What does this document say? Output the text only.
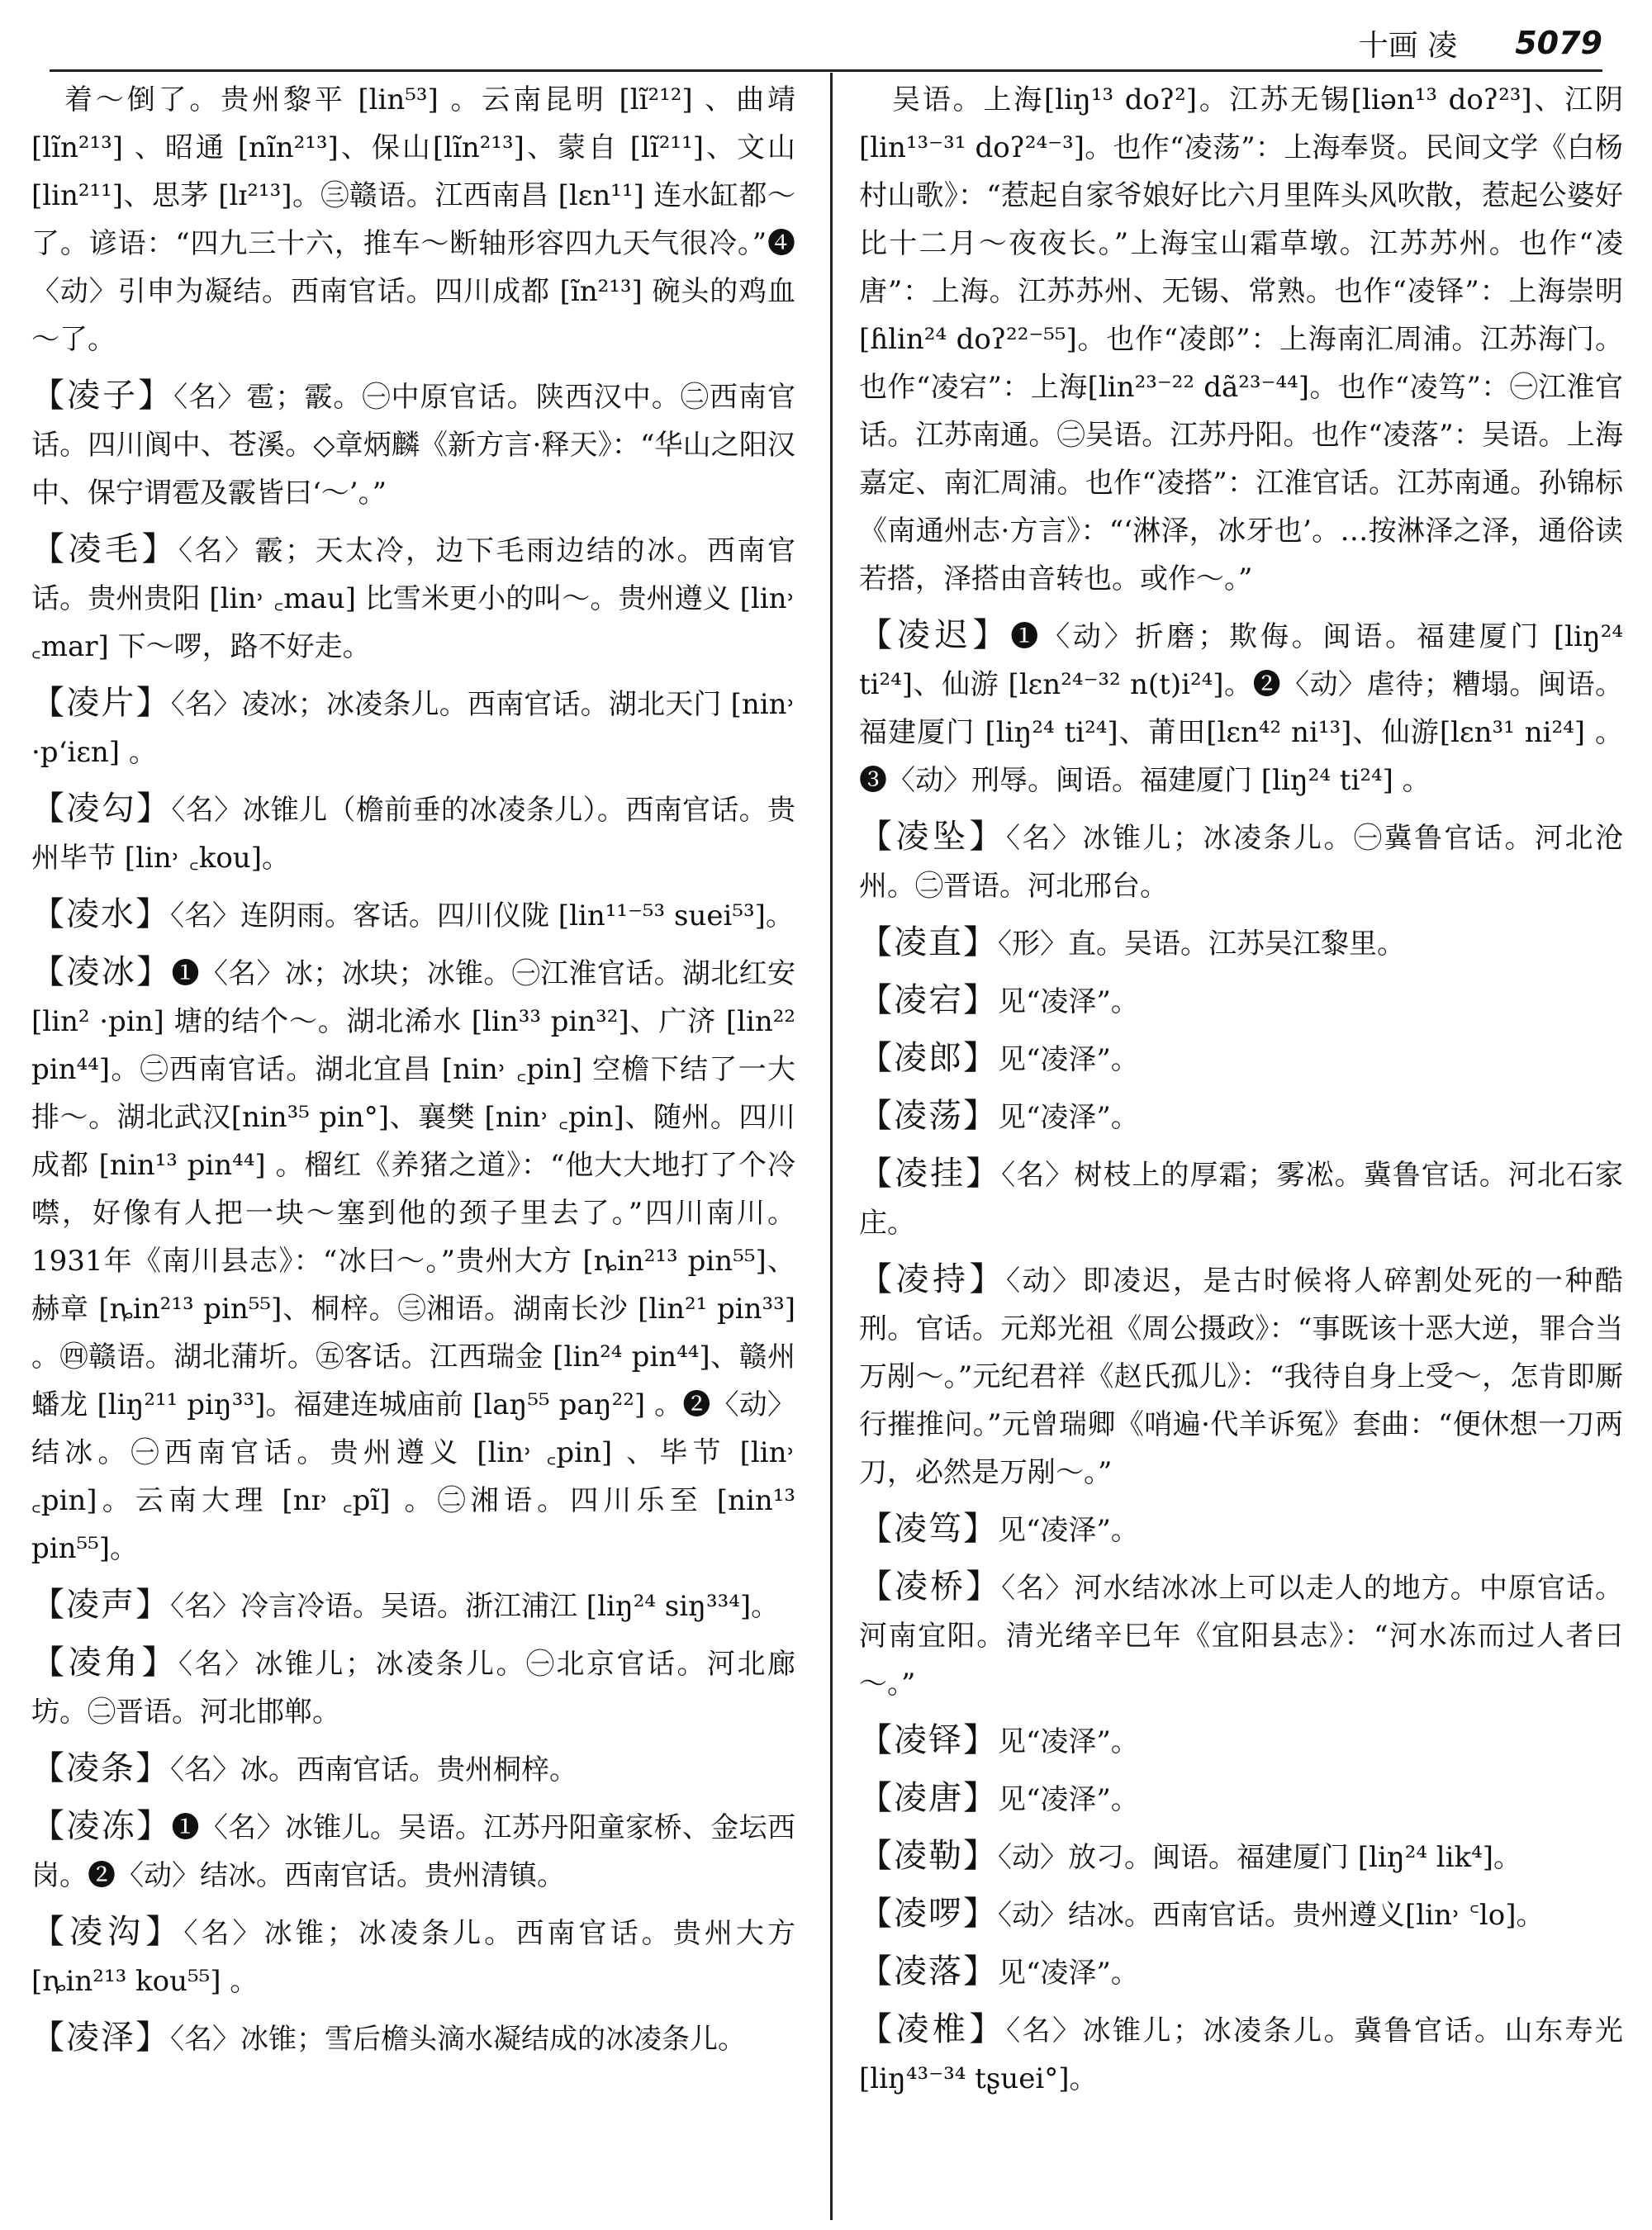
十画 凌 5079

着～倒了。贵州黎平 [lin⁵³] 。云南昆明 [lĩ²¹²] 、曲靖 [lĩn²¹³] 、昭通 [nĩn²¹³]、保山[lĩn²¹³]、蒙自 [lĩ²¹¹]、文山 [lin²¹¹]、思茅 [lɪ²¹³]。㊂赣语。江西南昌 [lɛn¹¹] 连水缸都～了。谚语：“四九三十六，推车～断轴形容四九天气很冷。”❹〈动〉引申为凝结。西南官话。四川成都 [ĩn²¹³] 碗头的鸡血～了。

【凌子】〈名〉雹；霰。㊀中原官话。陕西汉中。㊁西南官话。四川阆中、苍溪。◇章炳麟《新方言·释天》：“华山之阳汉中、保宁谓雹及霰皆曰‘～’。”

【凌毛】〈名〉霰；天太冷，边下毛雨边结的冰。西南官话。贵州贵阳 [lin˒ ꜀mau] 比雪米更小的叫～。贵州遵义 [lin˒ ꜀mar] 下～啰，路不好走。

【凌片】〈名〉凌冰；冰凌条儿。西南官话。湖北天门 [nin˒ ·pʻiɛn] 。

【凌勾】〈名〉冰锥儿（檐前垂的冰凌条儿）。西南官话。贵州毕节 [lin˒ ꜀kou]。

【凌水】〈名〉连阴雨。客话。四川仪陇 [lin¹¹⁻⁵³ suei⁵³]。

【凌冰】❶〈名〉冰；冰块；冰锥。㊀江淮官话。湖北红安 [lin² ·pin] 塘的结个～。湖北浠水 [lin³³ pin³²]、广济 [lin²² pin⁴⁴]。㊁西南官话。湖北宜昌 [nin˒ ꜀pin] 空檐下结了一大排～。湖北武汉[nin³⁵ pin°]、襄樊 [nin˒ ꜀pin]、随州。四川成都 [nin¹³ pin⁴⁴] 。榴红《养猪之道》：“他大大地打了个冷噤，好像有人把一块～塞到他的颈子里去了。”四川南川。1931年《南川县志》：“冰曰～。”贵州大方 [ȵin²¹³ pin⁵⁵]、赫章 [ȵin²¹³ pin⁵⁵]、桐梓。㊂湘语。湖南长沙 [lin²¹ pin³³] 。㊃赣语。湖北蒲圻。㊄客话。江西瑞金 [lin²⁴ pin⁴⁴]、赣州蟠龙 [liŋ²¹¹ piŋ³³]。福建连城庙前 [laŋ⁵⁵ paŋ²²] 。❷〈动〉结冰。㊀西南官话。贵州遵义 [lin˒ ꜀pin] 、毕节 [lin˒ ꜀pin]。云南大理 [nɪ˒ ꜀pĩ] 。㊁湘语。四川乐至 [nin¹³ pin⁵⁵]。

【凌声】〈名〉冷言冷语。吴语。浙江浦江 [liŋ²⁴ siŋ³³⁴]。

【凌角】〈名〉冰锥儿；冰凌条儿。㊀北京官话。河北廊坊。㊁晋语。河北邯郸。

【凌条】〈名〉冰。西南官话。贵州桐梓。

【凌冻】❶〈名〉冰锥儿。吴语。江苏丹阳童家桥、金坛西岗。❷〈动〉结冰。西南官话。贵州清镇。

【凌沟】〈名〉冰锥；冰凌条儿。西南官话。贵州大方 [ȵin²¹³ kou⁵⁵] 。

【凌泽】〈名〉冰锥；雪后檐头滴水凝结成的冰凌条儿。

吴语。上海[liŋ¹³ doʔ²]。江苏无锡[liən¹³ doʔ²³]、江阴[lin¹³⁻³¹ doʔ²⁴⁻³]。也作“凌荡”：上海奉贤。民间文学《白杨村山歌》：“惹起自家爷娘好比六月里阵头风吹散，惹起公婆好比十二月～夜夜长。”上海宝山霜草墩。江苏苏州。也作“凌唐”：上海。江苏苏州、无锡、常熟。也作“凌铎”：上海崇明 [ɦlin²⁴ doʔ²²⁻⁵⁵]。也作“凌郎”：上海南汇周浦。江苏海门。也作“凌宕”：上海[lin²³⁻²² dã²³⁻⁴⁴]。也作“凌笃”：㊀江淮官话。江苏南通。㊁吴语。江苏丹阳。也作“凌落”：吴语。上海嘉定、南汇周浦。也作“凌搭”：江淮官话。江苏南通。孙锦标《南通州志·方言》：“‘淋泽，冰牙也’。…按淋泽之泽，通俗读若搭，泽搭由音转也。或作～。”

【凌迟】❶〈动〉折磨；欺侮。闽语。福建厦门 [liŋ²⁴ ti²⁴]、仙游 [lɛn²⁴⁻³² n(t)i²⁴]。❷〈动〉虐待；糟塌。闽语。福建厦门 [liŋ²⁴ ti²⁴]、莆田[lɛn⁴² ni¹³]、仙游[lɛn³¹ ni²⁴] 。❸〈动〉刑辱。闽语。福建厦门 [liŋ²⁴ ti²⁴] 。

【凌坠】〈名〉冰锥儿；冰凌条儿。㊀冀鲁官话。河北沧州。㊁晋语。河北邢台。

【凌直】〈形〉直。吴语。江苏吴江黎里。

【凌宕】见“凌泽”。

【凌郎】见“凌泽”。

【凌荡】见“凌泽”。

【凌挂】〈名〉树枝上的厚霜；雾凇。冀鲁官话。河北石家庄。

【凌持】〈动〉即凌迟，是古时候将人碎割处死的一种酷刑。官话。元郑光祖《周公摄政》：“事既该十恶大逆，罪合当万剐～。”元纪君祥《赵氏孤儿》：“我待自身上受～，怎肯即厮行摧推问。”元曾瑞卿《哨遍·代羊诉冤》套曲：“便休想一刀两刀，必然是万剐～。”

【凌笃】见“凌泽”。

【凌桥】〈名〉河水结冰冰上可以走人的地方。中原官话。河南宜阳。清光绪辛巳年《宜阳县志》：“河水冻而过人者曰～。”

【凌铎】见“凌泽”。

【凌唐】见“凌泽”。

【凌勒】〈动〉放刁。闽语。福建厦门 [liŋ²⁴ lik⁴]。

【凌啰】〈动〉结冰。西南官话。贵州遵义[lin˒ ꜂lo]。

【凌落】见“凌泽”。

【凌椎】〈名〉冰锥儿；冰凌条儿。冀鲁官话。山东寿光 [liŋ⁴³⁻³⁴ tʂuei°]。
